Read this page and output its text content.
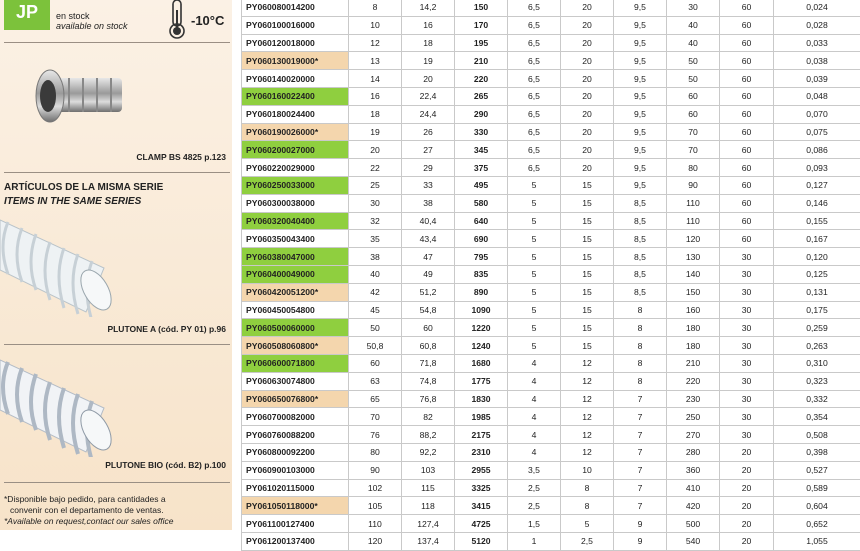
JP	en stock
available on stock	-10°C
CLAMP BS 4825 p.123
ARTÍCULOS DE LA MISMA SERIE
ITEMS IN THE SAME SERIES
PLUTONE A (cód. PY 01) p.96
PLUTONE BIO (cód. B2) p.100
*Disponible bajo pedido, para cantidades a
convenir con el departamento de ventas.
*Available on request,contact our sales office
PY060080014200	8	14,2	150	6,5	20	9,5	30	60	0,024
PY060100016000	10	16	170	6,5	20	9,5	40	60	0,028
PY060120018000	12	18	195	6,5	20	9,5	40	60	0,033
PY060130019000*	13	19	210	6,5	20	9,5	50	60	0,038
PY060140020000	14	20	220	6,5	20	9,5	50	60	0,039
PY060160022400	16	22,4	265	6,5	20	9,5	60	60	0,048
PY060180024400	18	24,4	290	6,5	20	9,5	60	60	0,070
PY060190026000*	19	26	330	6,5	20	9,5	70	60	0,075
PY060200027000	20	27	345	6,5	20	9,5	70	60	0,086
PY060220029000	22	29	375	6,5	20	9,5	80	60	0,093
PY060250033000	25	33	495	5	15	9,5	90	60	0,127
PY060300038000	30	38	580	5	15	8,5	110	60	0,146
PY060320040400	32	40,4	640	5	15	8,5	110	60	0,155
PY060350043400	35	43,4	690	5	15	8,5	120	60	0,167
PY060380047000	38	47	795	5	15	8,5	130	30	0,120
PY060400049000	40	49	835	5	15	8,5	140	30	0,125
PY060420051200*	42	51,2	890	5	15	8,5	150	30	0,131
PY060450054800	45	54,8	1090	5	15	8	160	30	0,175
PY060500060000	50	60	1220	5	15	8	180	30	0,259
PY060508060800*	50,8	60,8	1240	5	15	8	180	30	0,263
PY060600071800	60	71,8	1680	4	12	8	210	30	0,310
PY060630074800	63	74,8	1775	4	12	8	220	30	0,323
PY060650076800*	65	76,8	1830	4	12	7	230	30	0,332
PY060700082000	70	82	1985	4	12	7	250	30	0,354
PY060760088200	76	88,2	2175	4	12	7	270	30	0,508
PY060800092200	80	92,2	2310	4	12	7	280	20	0,398
PY060900103000	90	103	2955	3,5	10	7	360	20	0,527
PY061020115000	102	115	3325	2,5	8	7	410	20	0,589
PY061050118000*	105	118	3415	2,5	8	7	420	20	0,604
PY061100127400	110	127,4	4725	1,5	5	9	500	20	0,652
PY061200137400	120	137,4	5120	1	2,5	9	540	20	1,055
